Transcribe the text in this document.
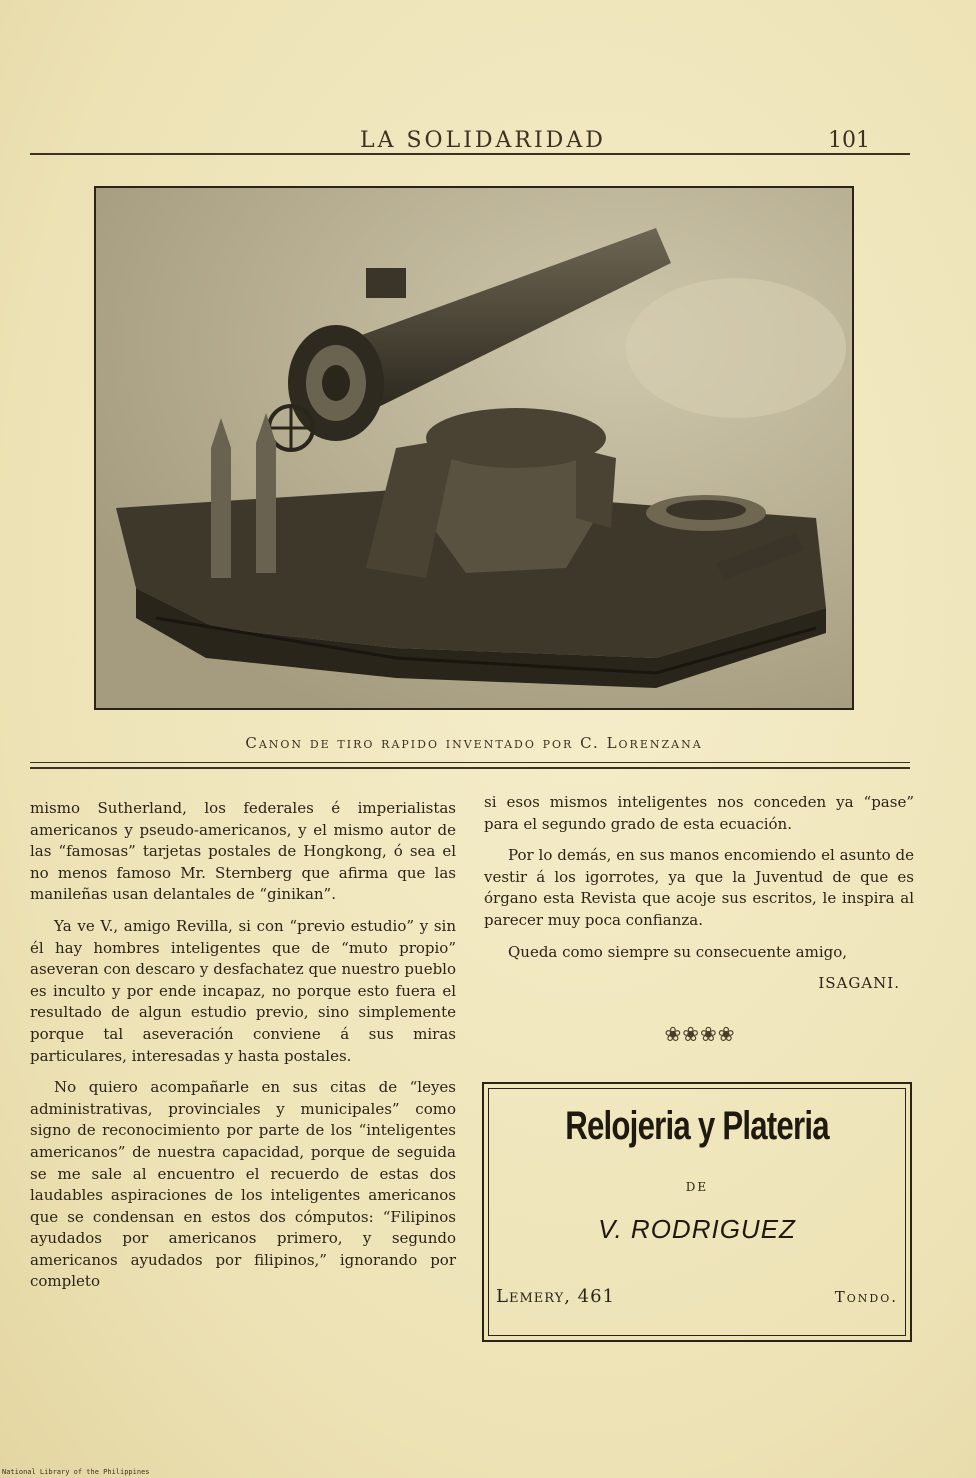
LA SOLIDARIDAD	101
Canon de tiro rapido inventado por C. Lorenzana

mismo Sutherland, los federales é imperialistas americanos y pseudo-americanos, y el mismo autor de las “famosas” tarjetas postales de Hongkong, ó sea el no menos famoso Mr. Sternberg que afirma que las manileñas usan delantales de “ginikan”.

Ya ve V., amigo Revilla, si con “previo estudio” y sin él hay hombres inteligentes que de “muto propio” aseveran con descaro y desfachatez que nuestro pueblo es inculto y por ende incapaz, no porque esto fuera el resultado de algun estudio previo, sino simplemente porque tal aseveración conviene á sus miras particulares, interesadas y hasta postales.

No quiero acompañarle en sus citas de “leyes administrativas, provinciales y municipales” como signo de reconocimiento por parte de los “inteligentes americanos” de nuestra capacidad, porque de seguida se me sale al encuentro el recuerdo de estas dos laudables aspiraciones de los inteligentes americanos que se condensan en estos dos cómputos: “Filipinos ayudados por americanos primero, y segundo americanos ayudados por filipinos,” ignorando por completo

si esos mismos inteligentes nos conceden ya “pase” para el segundo grado de esta ecuación.

Por lo demás, en sus manos encomiendo el asunto de vestir á los igorrotes, ya que la Juventud de que es órgano esta Revista que acoje sus escritos, le inspira al parecer muy poca confianza.

Queda como siempre su consecuente amigo,

ISAGANI.
❀❀❀❀
Relojeria y Plateria
DE
V. RODRIGUEZ
Lemery, 461	Tondo.
National Library of the Philippines
